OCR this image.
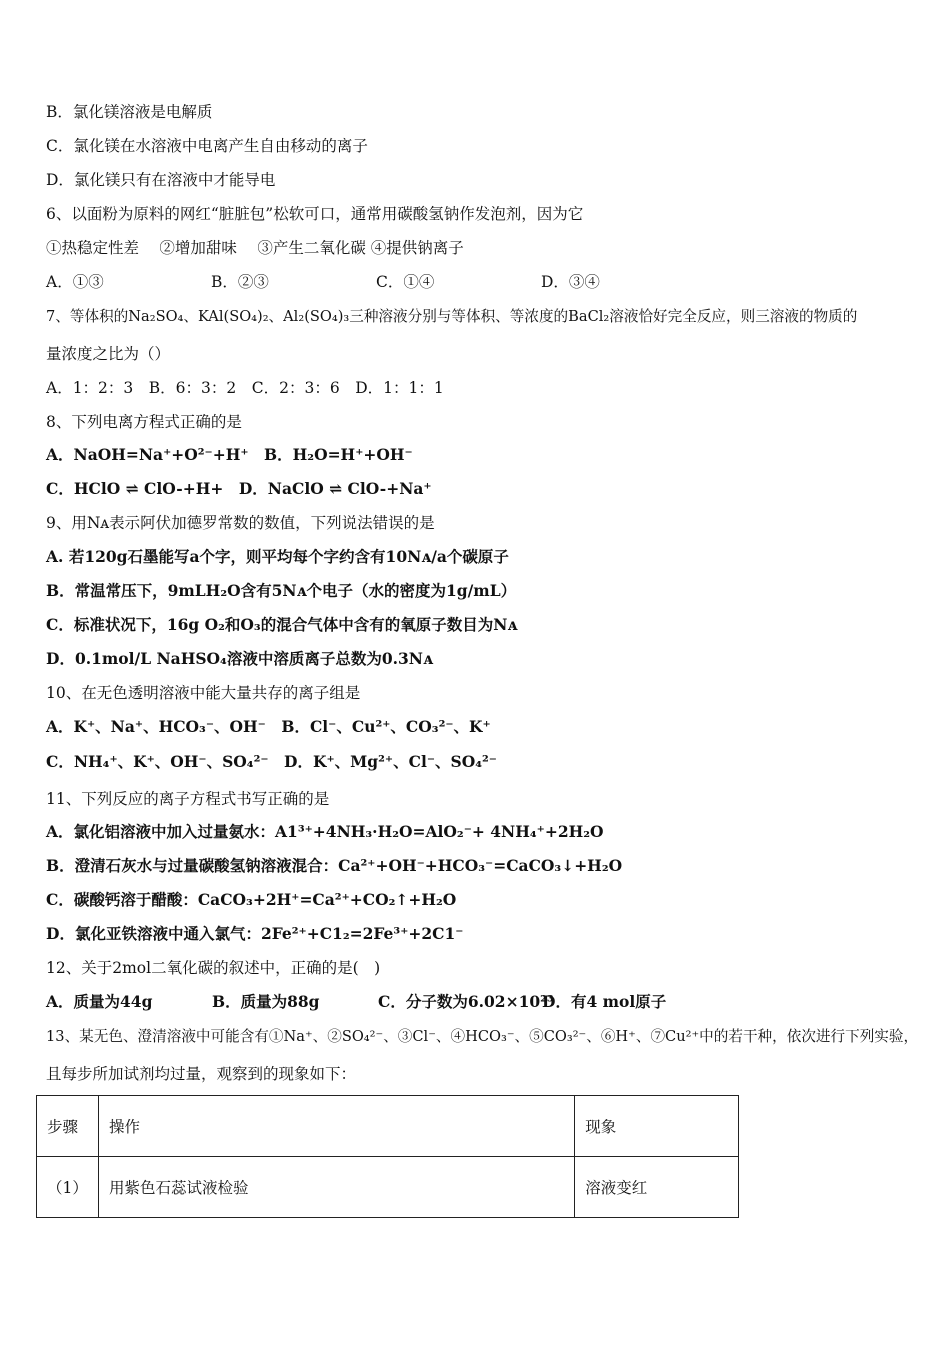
B．氯化镁溶液是电解质
C．氯化镁在水溶液中电离产生自由移动的离子
D．氯化镁只有在溶液中才能导电
6、以面粉为原料的网红“脏脏包”松软可口，通常用碳酸氢钠作发泡剂，因为它
①热稳定性差　 ②增加甜味　 ③产生二氧化碳 ④提供钠离子
A．①③	B．②③	C．①④	D．③④
7、等体积的Na₂SO₄、KAl(SO₄)₂、Al₂(SO₄)₃三种溶液分别与等体积、等浓度的BaCl₂溶液恰好完全反应，则三溶液的物质的
量浓度之比为（）
A．1：2：3　B．6：3：2　C．2：3：6　D．1：1：1
8、下列电离方程式正确的是
A．NaOH=Na⁺+O²⁻+H⁺　B．H₂O=H⁺+OH⁻
C．HClO ⇌ ClO-+H+　D．NaClO ⇌ ClO-+Na⁺
9、用Nᴀ表示阿伏加德罗常数的数值，下列说法错误的是
A. 若120g石墨能写a个字，则平均每个字约含有10Nᴀ/a个碳原子
B．常温常压下，9mLH₂O含有5Nᴀ个电子（水的密度为1g/mL）
C．标准状况下，16g O₂和O₃的混合气体中含有的氧原子数目为Nᴀ
D．0.1mol/L NaHSO₄溶液中溶质离子总数为0.3Nᴀ
10、在无色透明溶液中能大量共存的离子组是
A．K⁺、Na⁺、HCO₃⁻、OH⁻　B．Cl⁻、Cu²⁺、CO₃²⁻、K⁺
C．NH₄⁺、K⁺、OH⁻、SO₄²⁻　D．K⁺、Mg²⁺、Cl⁻、SO₄²⁻
11、下列反应的离子方程式书写正确的是
A．氯化铝溶液中加入过量氨水：A1³⁺+4NH₃·H₂O=AlO₂⁻+ 4NH₄⁺+2H₂O
B．澄清石灰水与过量碳酸氢钠溶液混合：Ca²⁺+OH⁻+HCO₃⁻=CaCO₃↓+H₂O
C．碳酸钙溶于醋酸：CaCO₃+2H⁺=Ca²⁺+CO₂↑+H₂O
D．氯化亚铁溶液中通入氯气：2Fe²⁺+C1₂=2Fe³⁺+2C1⁻
12、关于2mol二氧化碳的叙述中，正确的是(　)
A．质量为44g	B．质量为88g	C．分子数为6.02×10²³D．有4 mol原子
13、某无色、澄清溶液中可能含有①Na⁺、②SO₄²⁻、③Cl⁻、④HCO₃⁻、⑤CO₃²⁻、⑥H⁺、⑦Cu²⁺中的若干种，依次进行下列实验，
且每步所加试剂均过量，观察到的现象如下：
步骤	操作	现象
（1）	用紫色石蕊试液检验	溶液变红
